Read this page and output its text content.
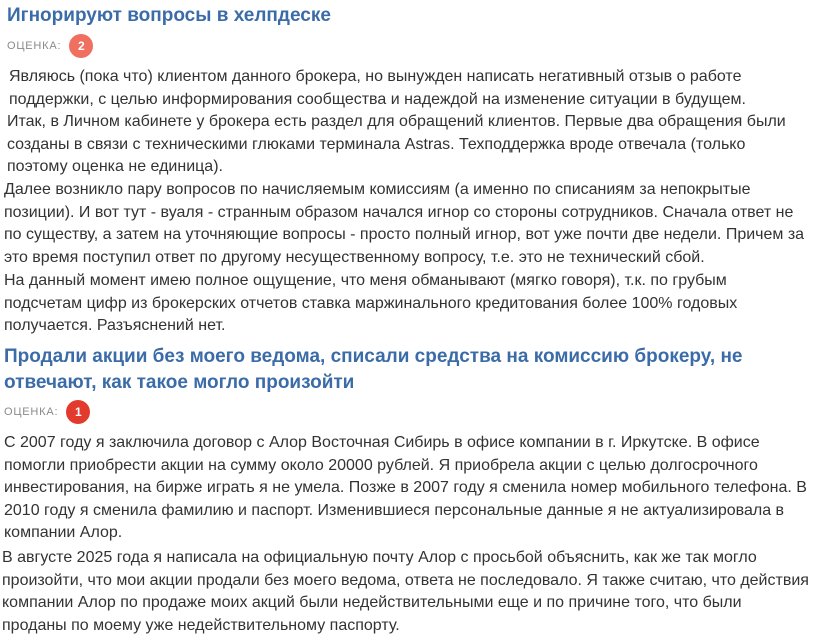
Игнорируют вопросы в хелпдеске
ОЦЕНКА:	2

Являюсь (пока что) клиентом данного брокера, но вынужден написать негативный отзыв о работе
поддержки, с целью информирования сообщества и надеждой на изменение ситуации в будущем.

Итак, в Личном кабинете у брокера есть раздел для обращений клиентов. Первые два обращения были
созданы в связи с техническими глюками терминала Astras. Техподдержка вроде отвечала (только
поэтому оценка не единица).

Далее возникло пару вопросов по начисляемым комиссиям (а именно по списаниям за непокрытые
позиции). И вот тут - вуаля - странным образом начался игнор со стороны сотрудников. Сначала ответ не
по существу, а затем на уточняющие вопросы - просто полный игнор, вот уже почти две недели. Причем за
это время поступил ответ по другому несущественному вопросу, т.е. это не технический сбой.

На данный момент имею полное ощущение, что меня обманывают (мягко говоря), т.к. по грубым
подсчетам цифр из брокерских отчетов ставка маржинального кредитования более 100% годовых
получается. Разъяснений нет.

Продали акции без моего ведома, списали средства на комиссию брокеру, не
отвечают, как такое могло произойти
ОЦЕНКА:	1

С 2007 году я заключила договор с Алор Восточная Сибирь в офисе компании в г. Иркутске. В офисе
помогли приобрести акции на сумму около 20000 рублей. Я приобрела акции с целью долгосрочного
инвестирования, на бирже играть я не умела. Позже в 2007 году я сменила номер мобильного телефона. В
2010 году я сменила фамилию и паспорт. Изменившиеся персональные данные я не актуализировала в
компании Алор.

В августе 2025 года я написала на официальную почту Алор с просьбой объяснить, как же так могло
произойти, что мои акции продали без моего ведома, ответа не последовало. Я также считаю, что действия
компании Алор по продаже моих акций были недействительными еще и по причине того, что были
проданы по моему уже недействительному паспорту.
